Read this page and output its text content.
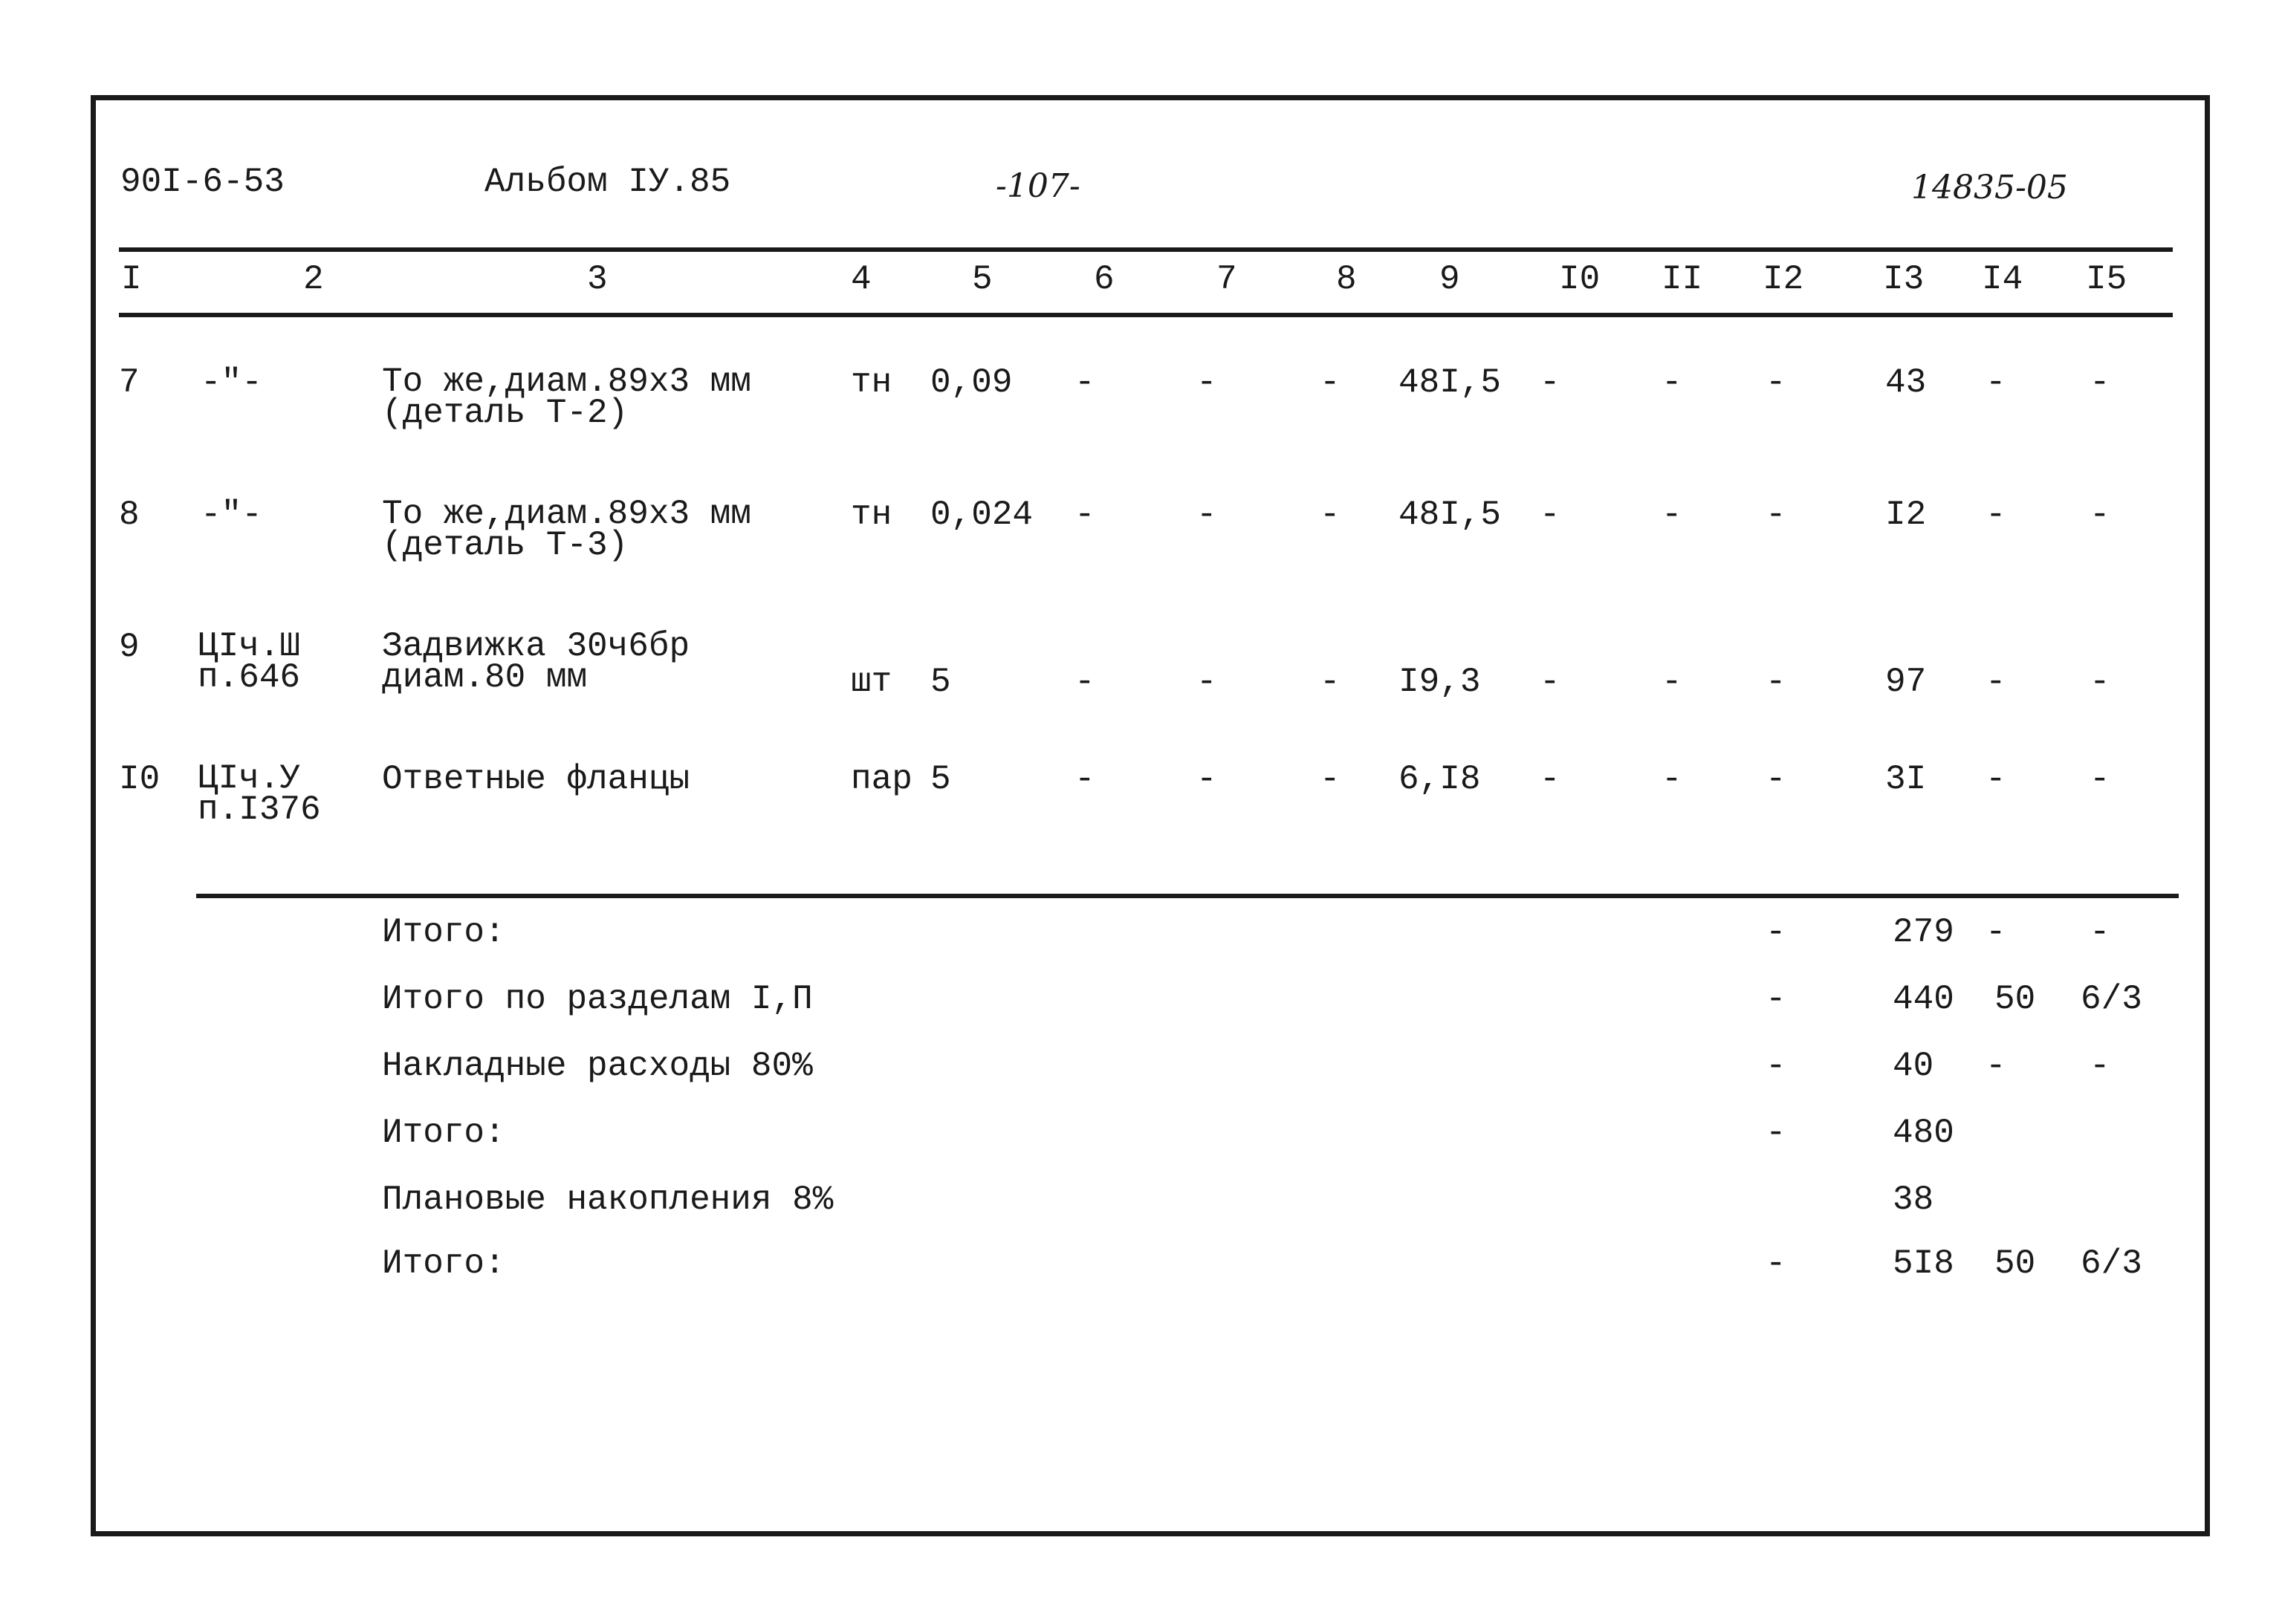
90I-6-53	Альбом IУ.85	-107-	14835-05
I	2	3	4	5	6	7	8 9	I0 II I2 I3 I4 I5
7 -"-	То же,диам.89х3 мм
(деталь Т-2)
тн 0,09 -	-	- 48I,5 -	- -	43 - -
8 -"-	То же,диам.89х3 мм
(деталь Т-3)
тн 0,024 -	-	- 48I,5 -	- -	I2 - -
9 ЦIч.Ш
п.646
Задвижка 30ч6бр
диам.80 мм	шт 5	-	-	- I9,3 -	- -	97 - -
I0 ЦIч.У
п.I376
Ответные фланцы	пар 5	-	-	- 6,I8 -	- -	3I - -
Итого:	-	279 - -
Итого по разделам I,П	-	440 50 6/3
Накладные расходы 80%	-	40 - -
Итого:	-	480
Плановые накопления 8%	38
Итого:	-	5I8 50 6/3
